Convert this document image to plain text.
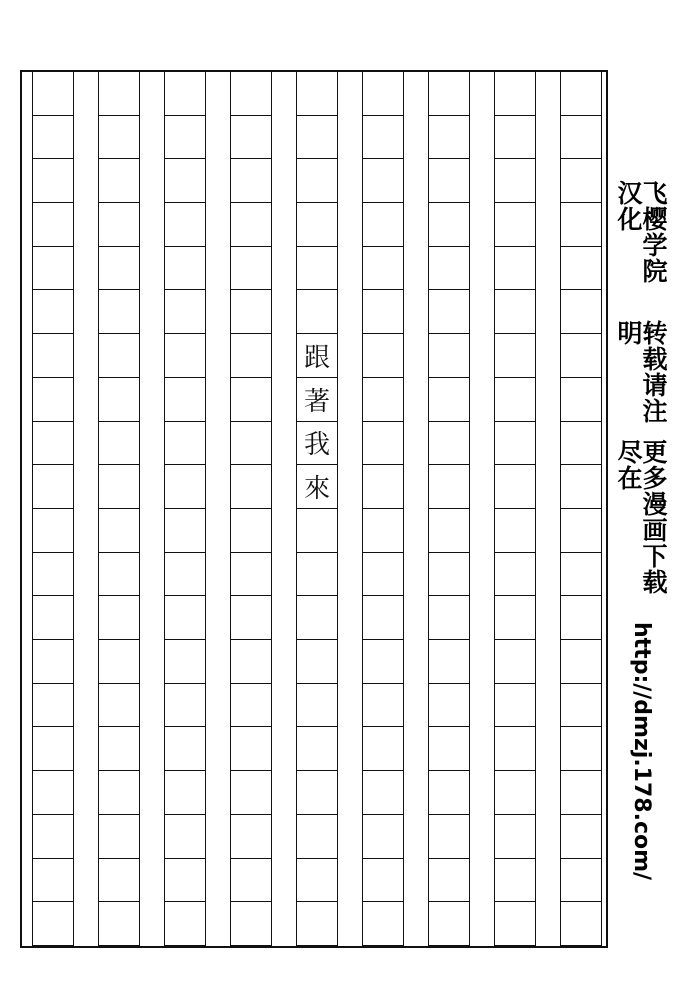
跟
著
我
來
飞樱学院汉化
转载请注明
更多漫画下载尽在
http://dmzj.178.com/
